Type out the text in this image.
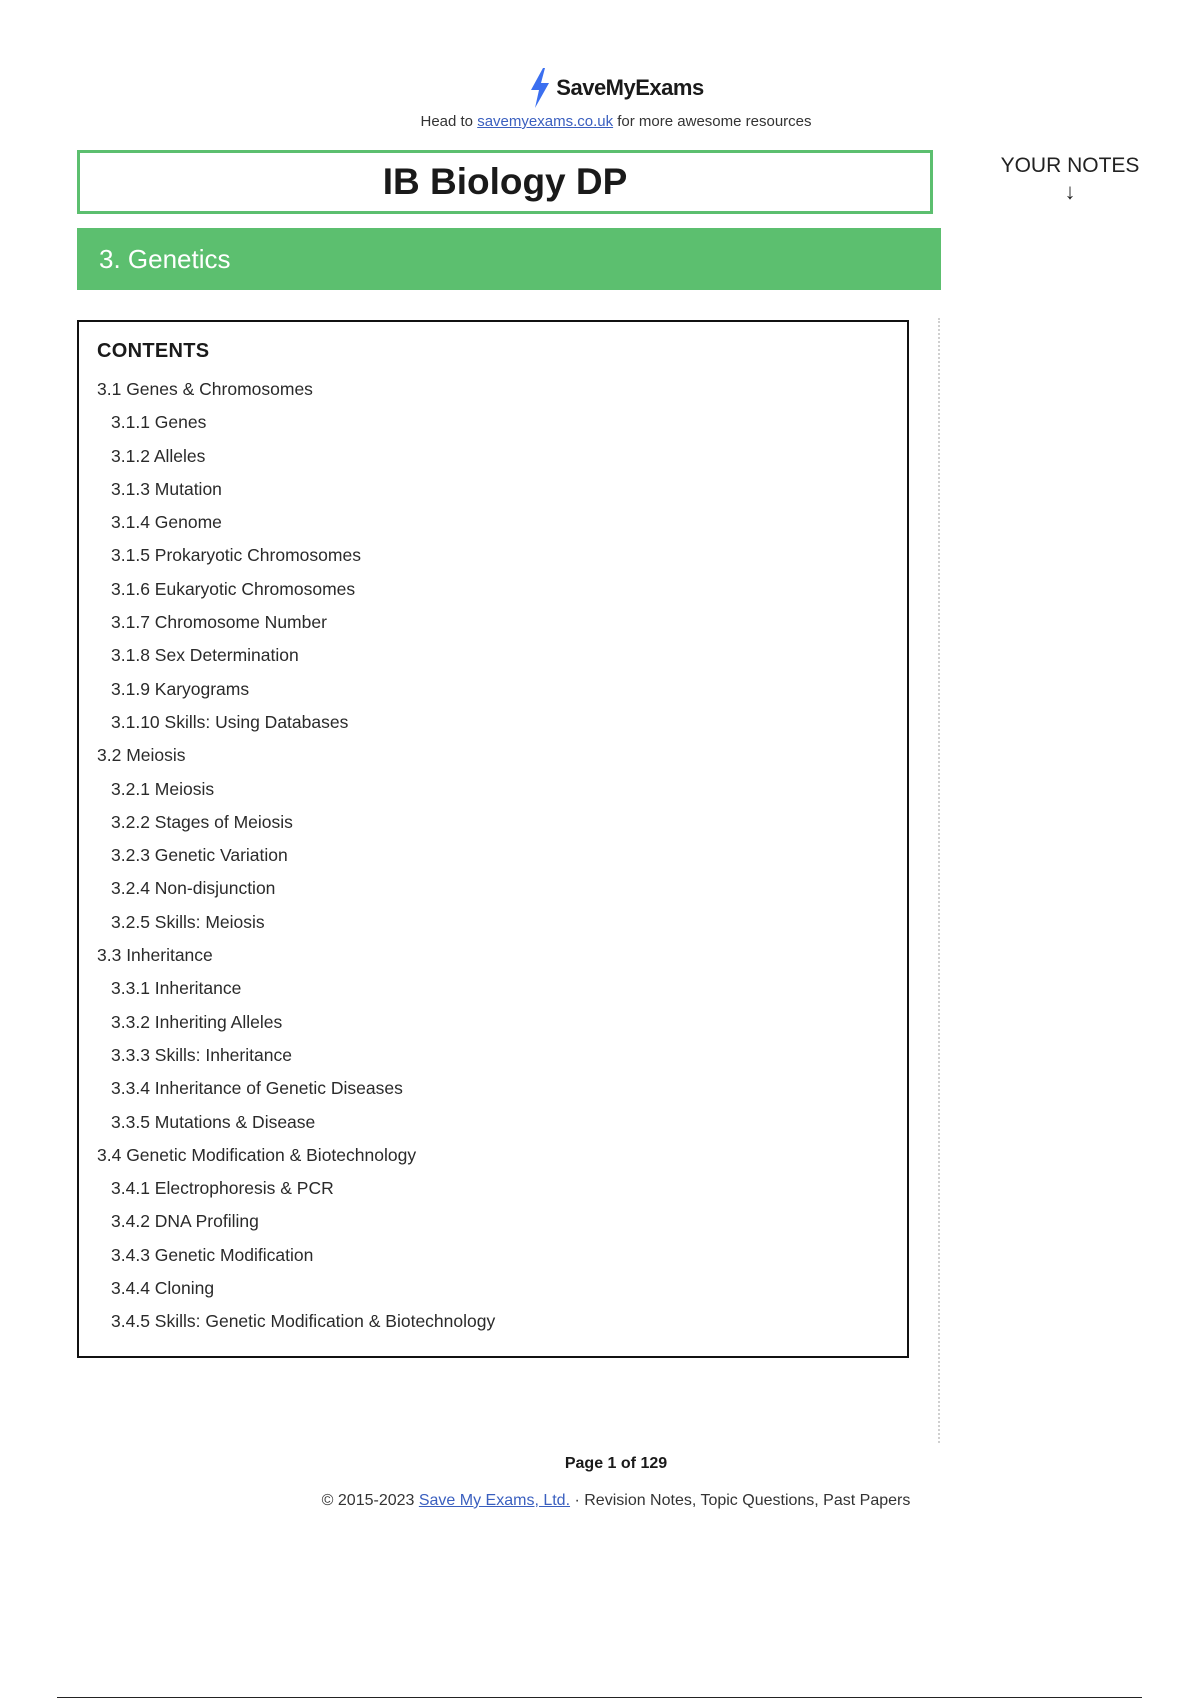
SaveMyExams
Head to savemyexams.co.uk for more awesome resources
IB Biology DP
3. Genetics
YOUR NOTES
↓
CONTENTS
3.1 Genes & Chromosomes
3.1.1 Genes
3.1.2 Alleles
3.1.3 Mutation
3.1.4 Genome
3.1.5 Prokaryotic Chromosomes
3.1.6 Eukaryotic Chromosomes
3.1.7 Chromosome Number
3.1.8 Sex Determination
3.1.9 Karyograms
3.1.10 Skills: Using Databases
3.2 Meiosis
3.2.1 Meiosis
3.2.2 Stages of Meiosis
3.2.3 Genetic Variation
3.2.4 Non-disjunction
3.2.5 Skills: Meiosis
3.3 Inheritance
3.3.1 Inheritance
3.3.2 Inheriting Alleles
3.3.3 Skills: Inheritance
3.3.4 Inheritance of Genetic Diseases
3.3.5 Mutations & Disease
3.4 Genetic Modification & Biotechnology
3.4.1 Electrophoresis & PCR
3.4.2 DNA Profiling
3.4.3 Genetic Modification
3.4.4 Cloning
3.4.5 Skills: Genetic Modification & Biotechnology
Page 1 of 129
© 2015-2023 Save My Exams, Ltd. · Revision Notes, Topic Questions, Past Papers
